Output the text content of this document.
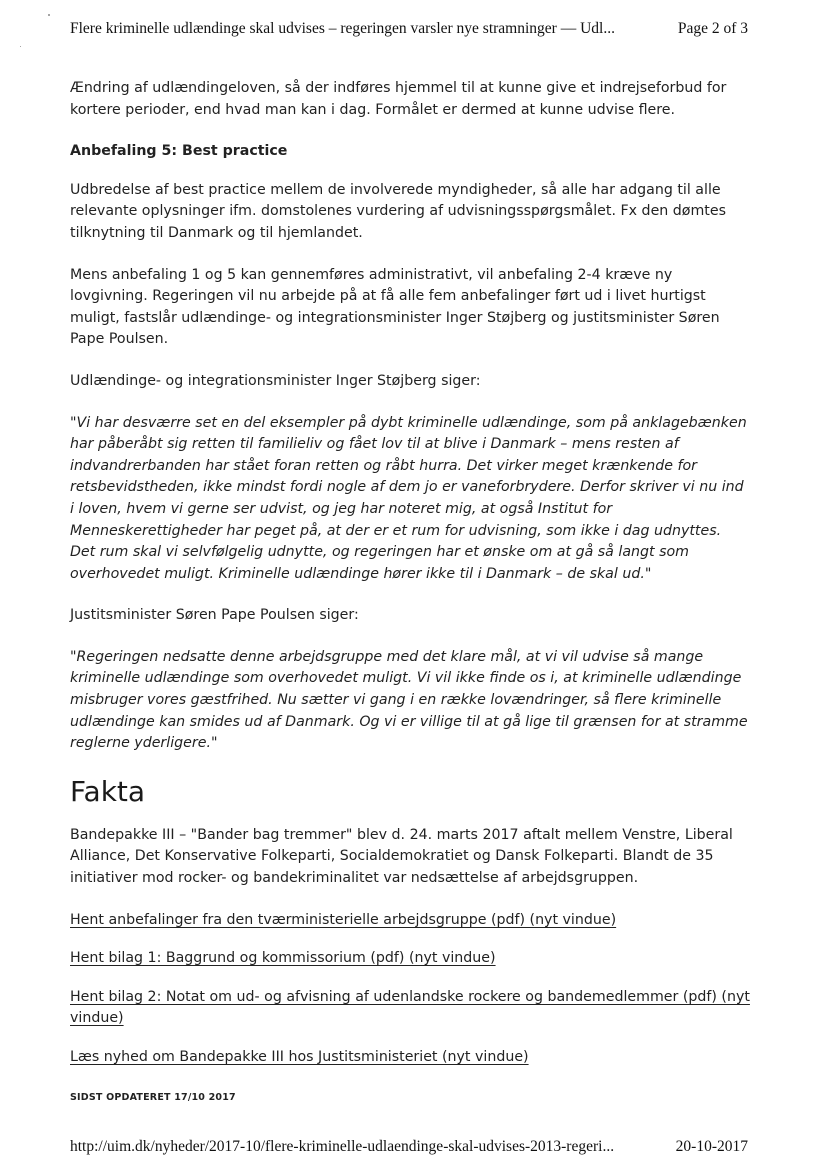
Flere kriminelle udlændinge skal udvises – regeringen varsler nye stramninger — Udl...	Page 2 of 3

Ændring af udlændingeloven, så der indføres hjemmel til at kunne give et indrejseforbud for kortere perioder, end hvad man kan i dag. Formålet er dermed at kunne udvise flere.

Anbefaling 5: Best practice

Udbredelse af best practice mellem de involverede myndigheder, så alle har adgang til alle relevante oplysninger ifm. domstolenes vurdering af udvisningsspørgsmålet. Fx den dømtes tilknytning til Danmark og til hjemlandet.

Mens anbefaling 1 og 5 kan gennemføres administrativt, vil anbefaling 2-4 kræve ny lovgivning. Regeringen vil nu arbejde på at få alle fem anbefalinger ført ud i livet hurtigst muligt, fastslår udlændinge- og integrationsminister Inger Støjberg og justitsminister Søren Pape Poulsen.

Udlændinge- og integrationsminister Inger Støjberg siger:

"Vi har desværre set en del eksempler på dybt kriminelle udlændinge, som på anklagebænken har påberåbt sig retten til familieliv og fået lov til at blive i Danmark – mens resten af indvandrerbanden har stået foran retten og råbt hurra. Det virker meget krænkende for retsbevidstheden, ikke mindst fordi nogle af dem jo er vaneforbrydere. Derfor skriver vi nu ind i loven, hvem vi gerne ser udvist, og jeg har noteret mig, at også Institut for Menneskerettigheder har peget på, at der er et rum for udvisning, som ikke i dag udnyttes. Det rum skal vi selvfølgelig udnytte, og regeringen har et ønske om at gå så langt som overhovedet muligt. Kriminelle udlændinge hører ikke til i Danmark – de skal ud."

Justitsminister Søren Pape Poulsen siger:

"Regeringen nedsatte denne arbejdsgruppe med det klare mål, at vi vil udvise så mange kriminelle udlændinge som overhovedet muligt. Vi vil ikke finde os i, at kriminelle udlændinge misbruger vores gæstfrihed. Nu sætter vi gang i en række lovændringer, så flere kriminelle udlændinge kan smides ud af Danmark. Og vi er villige til at gå lige til grænsen for at stramme reglerne yderligere."

Fakta

Bandepakke III – "Bander bag tremmer" blev d. 24. marts 2017 aftalt mellem Venstre, Liberal Alliance, Det Konservative Folkeparti, Socialdemokratiet og Dansk Folkeparti. Blandt de 35 initiativer mod rocker- og bandekriminalitet var nedsættelse af arbejdsgruppen.

Hent anbefalinger fra den tværministerielle arbejdsgruppe (pdf) (nyt vindue)
Hent bilag 1: Baggrund og kommissorium (pdf) (nyt vindue)
Hent bilag 2: Notat om ud- og afvisning af udenlandske rockere og bandemedlemmer (pdf) (nyt vindue)
Læs nyhed om Bandepakke III hos Justitsministeriet (nyt vindue)
SIDST OPDATERET 17/10 2017
http://uim.dk/nyheder/2017-10/flere-kriminelle-udlaendinge-skal-udvises-2013-regeri...	20-10-2017
